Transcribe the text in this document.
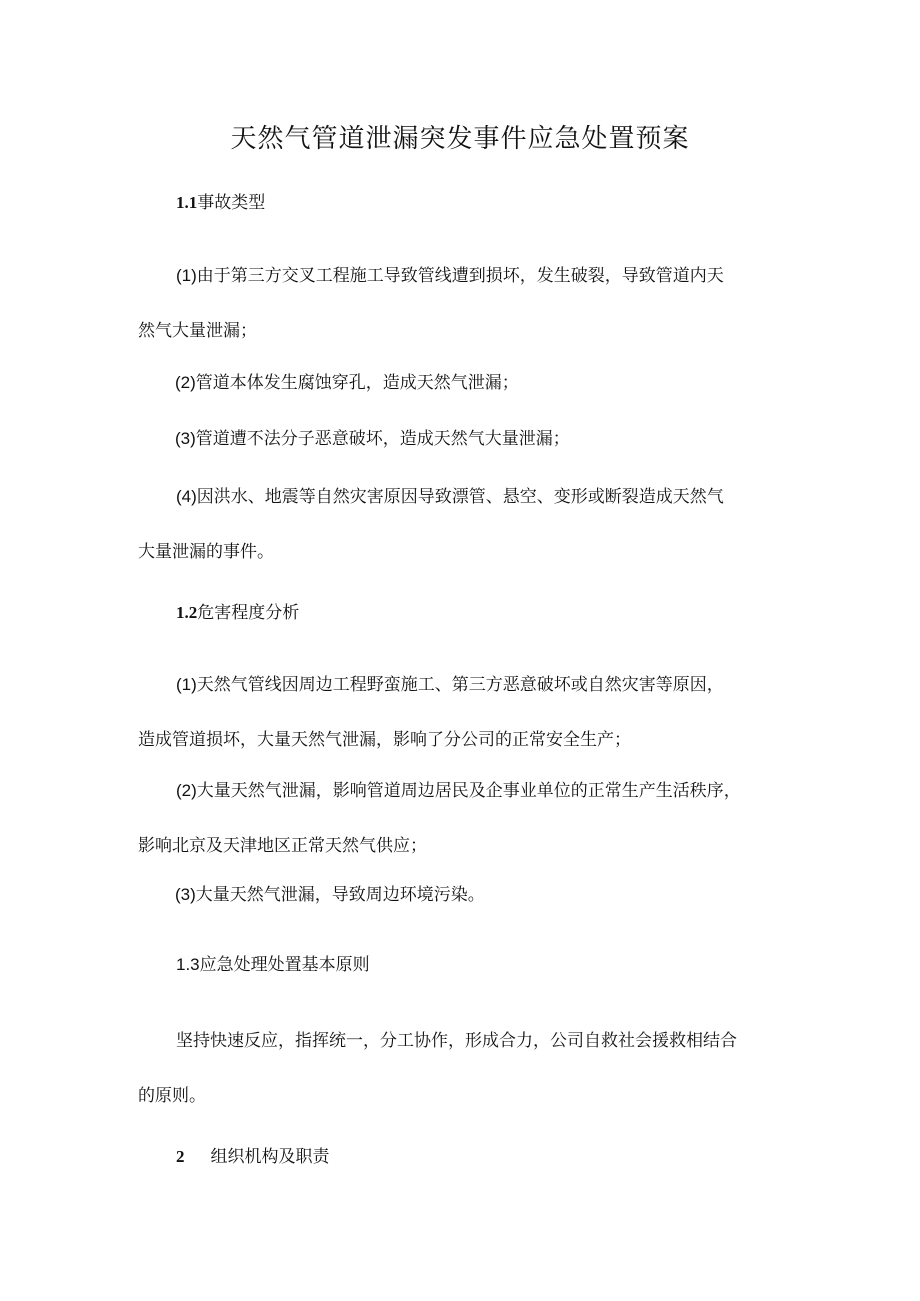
天然气管道泄漏突发事件应急处置预案
1.1事故类型
(1)由于第三方交叉工程施工导致管线遭到损坏，发生破裂，导致管道内天
然气大量泄漏；
(2)管道本体发生腐蚀穿孔，造成天然气泄漏；
(3)管道遭不法分子恶意破坏，造成天然气大量泄漏；
(4)因洪水、地震等自然灾害原因导致漂管、悬空、变形或断裂造成天然气
大量泄漏的事件。
1.2危害程度分析
(1)天然气管线因周边工程野蛮施工、第三方恶意破坏或自然灾害等原因，
造成管道损坏，大量天然气泄漏，影响了分公司的正常安全生产；
(2)大量天然气泄漏，影响管道周边居民及企事业单位的正常生产生活秩序，
影响北京及天津地区正常天然气供应；
(3)大量天然气泄漏，导致周边环境污染。
1.3应急处理处置基本原则
坚持快速反应，指挥统一，分工协作，形成合力，公司自救社会援救相结合
的原则。
2 组织机构及职责
